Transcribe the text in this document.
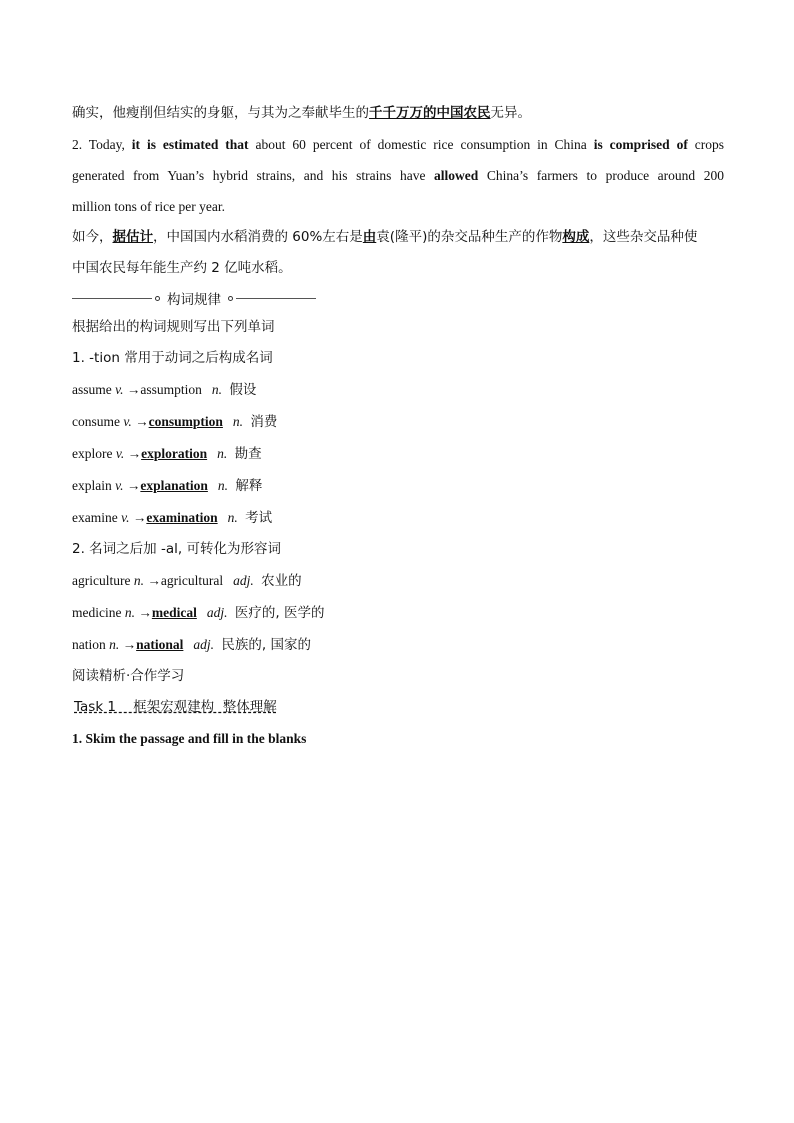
确实，他瘦削但结实的身躯，与其为之奉献毕生的千千万万的中国农民无异。
2. Today, it is estimated that about 60 percent of domestic rice consumption in China is comprised of crops
generated from Yuan’s hybrid strains, and his strains have allowed China’s farmers to produce around 200
million tons of rice per year.
如今，据估计，中国国内水稻消费的 60%左右是由袁(隆平)的杂交品种生产的作物构成，这些杂交品种使
中国农民每年能生产约 2 亿吨水稻。
构词规律
根据给出的构词规则写出下列单词
1. -tion 常用于动词之后构成名词
assume v. →assumption n. 假设
consume v. →consumption n. 消费
explore v. →exploration n. 勘查
explain v. →explanation n. 解释
examine v. →examination n. 考试
2. 名词之后加 -al, 可转化为形容词
agriculture n. →agricultural adj. 农业的
medicine n. →medical adj. 医疗的, 医学的
nation n. →national adj. 民族的, 国家的
阅读精析·合作学习
Task 1    框架宏观建构  整体理解
1. Skim the passage and fill in the blanks
